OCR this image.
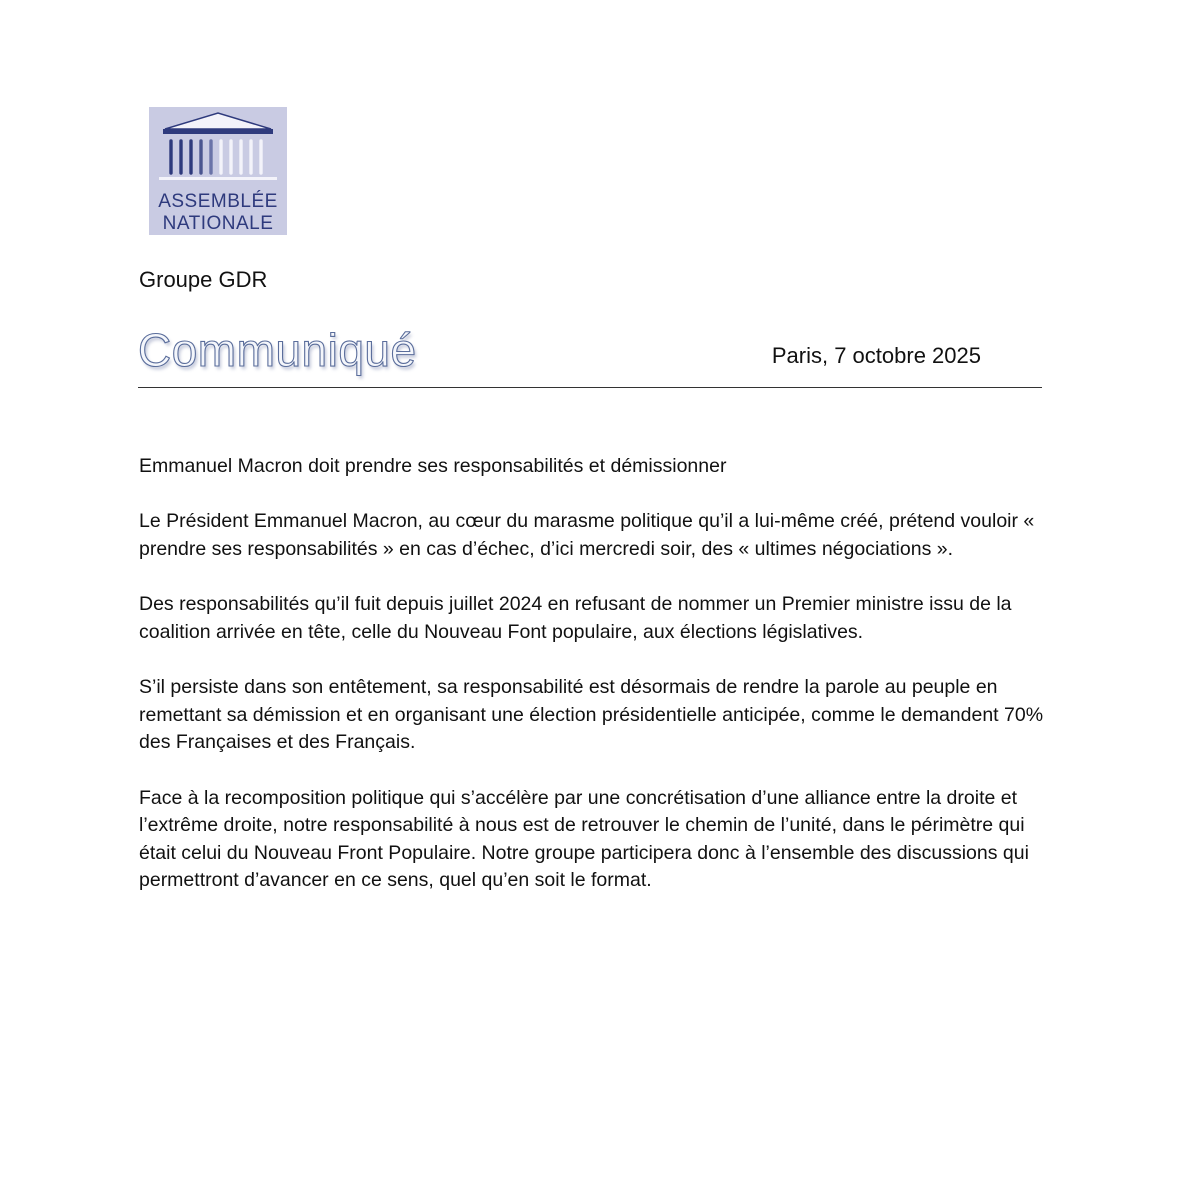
ASSEMBLÉE
NATIONALE
Groupe GDR
Communiqué	Paris, 7 octobre 2025
Emmanuel Macron doit prendre ses responsabilités et démissionner

Le Président Emmanuel Macron, au cœur du marasme politique qu’il a lui-même créé, prétend vouloir « prendre ses responsabilités » en cas d’échec, d’ici mercredi soir, des « ultimes négociations ».

Des responsabilités qu’il fuit depuis juillet 2024 en refusant de nommer un Premier ministre issu de la coalition arrivée en tête, celle du Nouveau Font populaire, aux élections législatives.

S’il persiste dans son entêtement, sa responsabilité est désormais de rendre la parole au peuple en remettant sa démission et en organisant une élection présidentielle anticipée, comme le demandent 70% des Françaises et des Français.

Face à la recomposition politique qui s’accélère par une concrétisation d’une alliance entre la droite et l’extrême droite, notre responsabilité à nous est de retrouver le chemin de l’unité, dans le périmètre qui était celui du Nouveau Front Populaire. Notre groupe participera donc à l’ensemble des discussions qui permettront d’avancer en ce sens, quel qu’en soit le format.
